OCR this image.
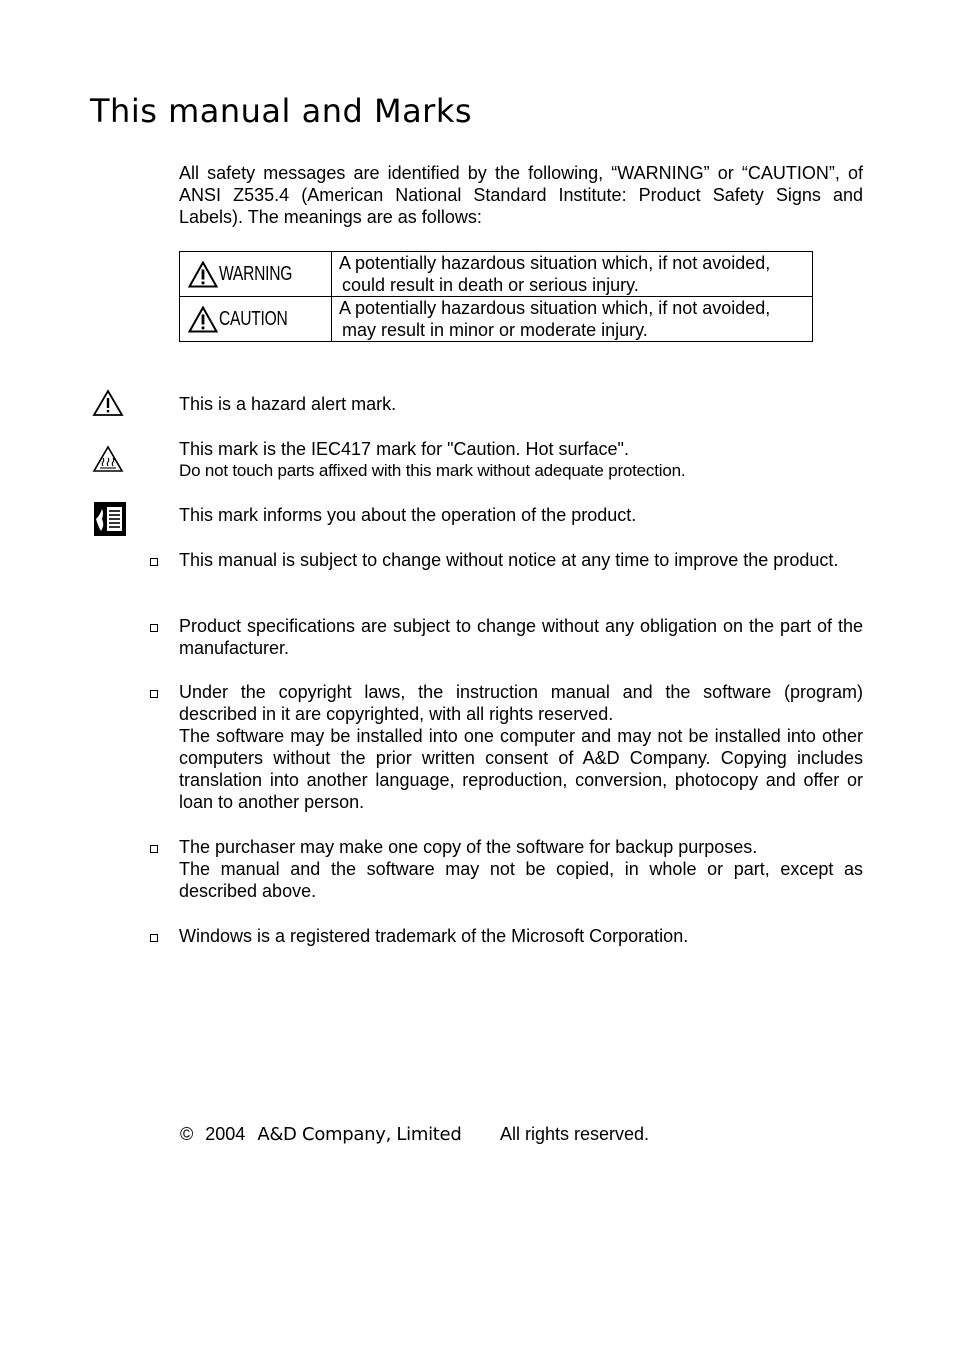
This manual and Marks
All safety messages are identified by the following, “WARNING” or “CAUTION”, of ANSI Z535.4 (American National Standard Institute: Product Safety Signs and Labels). The meanings are as follows:
WARNING	A potentially hazardous situation which, if not avoided,
could result in death or serious injury.

CAUTION	A potentially hazardous situation which, if not avoided,
may result in minor or moderate injury.
This is a hazard alert mark.
This mark is the IEC417 mark for "Caution. Hot surface".
Do not touch parts affixed with this mark without adequate protection.
This mark informs you about the operation of the product.
This manual is subject to change without notice at any time to improve the product.
Product specifications are subject to change without any obligation on the part of the manufacturer.
Under the copyright laws, the instruction manual and the software (program) described in it are copyrighted, with all rights reserved.
The software may be installed into one computer and may not be installed into other computers without the prior written consent of A&D Company. Copying includes translation into another language, reproduction, conversion, photocopy and offer or loan to another person.
The purchaser may make one copy of the software for backup purposes.
The manual and the software may not be copied, in whole or part, except as described above.
Windows is a registered trademark of the Microsoft Corporation.
© 2004 A&D Company, Limited All rights reserved.
